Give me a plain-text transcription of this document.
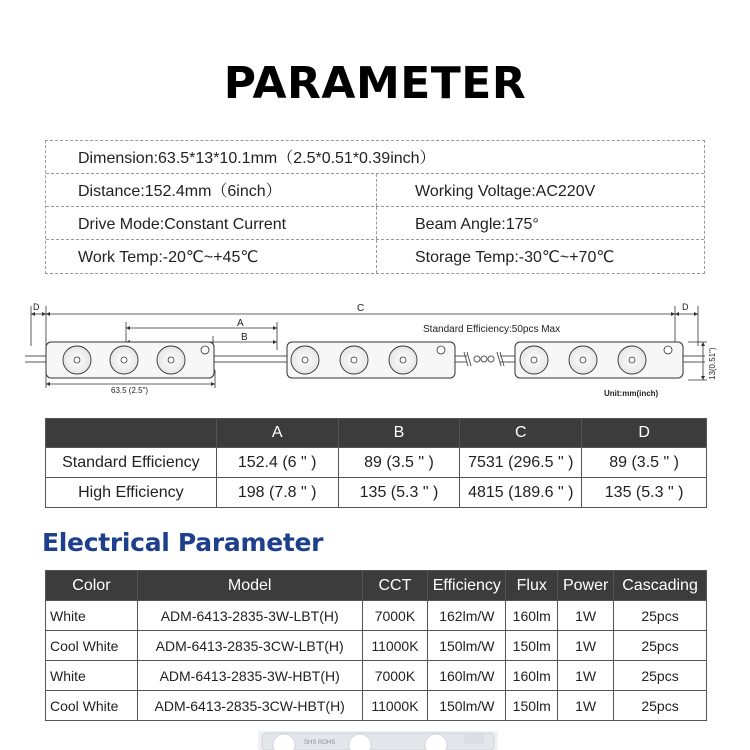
PARAMETER
Dimension:63.5*13*10.1mm（2.5*0.51*0.39inch）
Distance:152.4mm（6inch）	Working Voltage:AC220V
Drive Mode:Constant Current	Beam Angle:175°
Work Temp:-20℃~+45℃	Storage Temp:-30℃~+70℃
D	C	D
A
B
Standard Efficiency:50pcs Max
63.5 (2.5")	Unit:mm(inch)
13(0.51")
	A	B	C	D
Standard Efficiency	152.4 (6 " )	89 (3.5 " )	7531 (296.5 " )	89 (3.5 " )
High Efficiency	198 (7.8 " )	135 (5.3 " )	4815 (189.6 " )	135 (5.3 " )
Electrical Parameter
Color	Model	CCT	Efficiency	Flux	Power	Cascading
White	ADM-6413-2835-3W-LBT(H)	7000K	162lm/W	160lm	1W	25pcs
Cool White	ADM-6413-2835-3CW-LBT(H)	11000K	150lm/W	150lm	1W	25pcs
White	ADM-6413-2835-3W-HBT(H)	7000K	160lm/W	160lm	1W	25pcs
Cool White	ADM-6413-2835-3CW-HBT(H)	11000K	150lm/W	150lm	1W	25pcs
SHS ROHS
